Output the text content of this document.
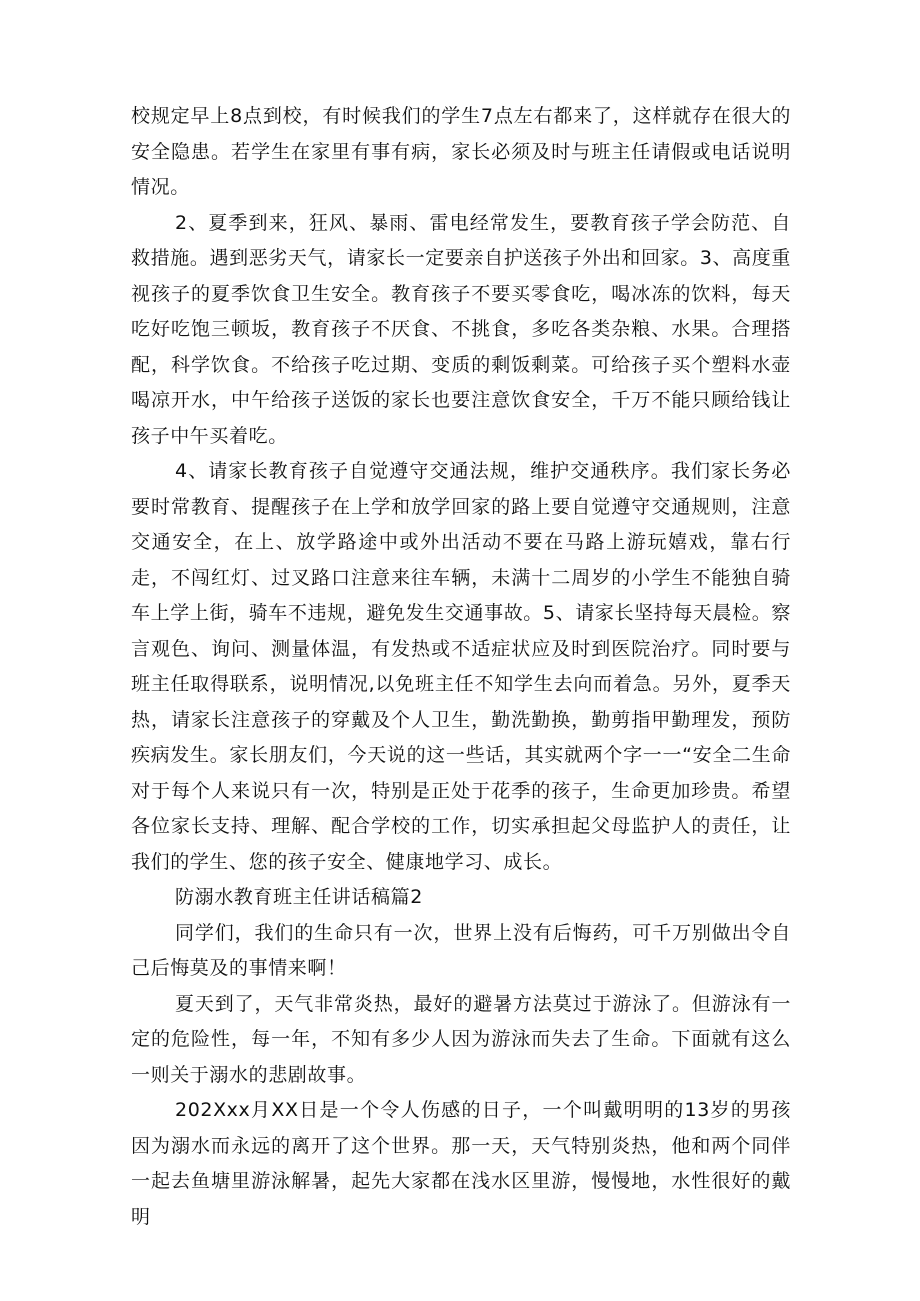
校规定早上8点到校，有时候我们的学生7点左右都来了，这样就存在很大的安全隐患。若学生在家里有事有病，家长必须及时与班主任请假或电话说明情况。

2、夏季到来，狂风、暴雨、雷电经常发生，要教育孩子学会防范、自救措施。遇到恶劣天气，请家长一定要亲自护送孩子外出和回家。3、高度重视孩子的夏季饮食卫生安全。教育孩子不要买零食吃，喝冰冻的饮料，每天吃好吃饱三顿坂，教育孩子不厌食、不挑食，多吃各类杂粮、水果。合理搭配，科学饮食。不给孩子吃过期、变质的剩饭剩菜。可给孩子买个塑料水壶喝凉开水，中午给孩子送饭的家长也要注意饮食安全，千万不能只顾给钱让孩子中午买着吃。

4、请家长教育孩子自觉遵守交通法规，维护交通秩序。我们家长务必要时常教育、提醒孩子在上学和放学回家的路上要自觉遵守交通规则，注意交通安全，在上、放学路途中或外出活动不要在马路上游玩嬉戏，靠右行走，不闯红灯、过叉路口注意来往车辆，未满十二周岁的小学生不能独自骑车上学上街，骑车不违规，避免发生交通事故。5、请家长坚持每天晨检。察言观色、询问、测量体温，有发热或不适症状应及时到医院治疗。同时要与班主任取得联系，说明情况,以免班主任不知学生去向而着急。另外，夏季天热，请家长注意孩子的穿戴及个人卫生，勤洗勤换，勤剪指甲勤理发，预防疾病发生。家长朋友们，今天说的这一些话，其实就两个字一一“安全二生命对于每个人来说只有一次，特别是正处于花季的孩子，生命更加珍贵。希望各位家长支持、理解、配合学校的工作，切实承担起父母监护人的责任，让我们的学生、您的孩子安全、健康地学习、成长。

防溺水教育班主任讲话稿篇2

同学们，我们的生命只有一次，世界上没有后悔药，可千万别做出令自己后悔莫及的事情来啊！

夏天到了，天气非常炎热，最好的避暑方法莫过于游泳了。但游泳有一定的危险性，每一年，不知有多少人因为游泳而失去了生命。下面就有这么一则关于溺水的悲剧故事。

202Xxx月XX日是一个令人伤感的日子，一个叫戴明明的13岁的男孩因为溺水而永远的离开了这个世界。那一天，天气特别炎热，他和两个同伴一起去鱼塘里游泳解暑，起先大家都在浅水区里游，慢慢地，水性很好的戴明
